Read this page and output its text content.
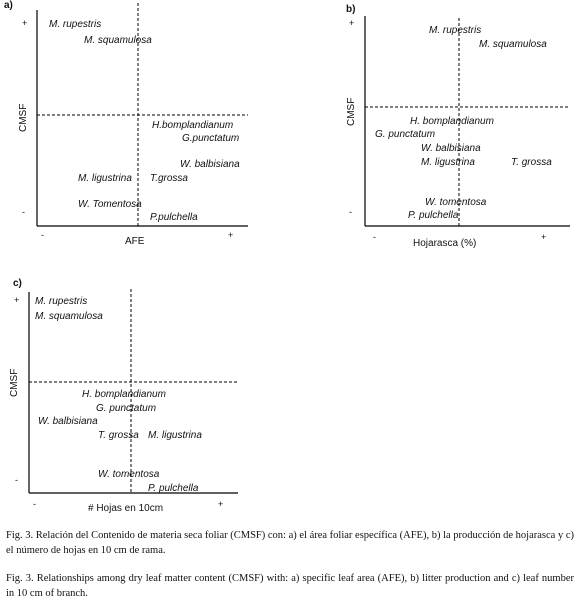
a)
+
-
-	+
CMSF
AFE
M. rupestris
M. squamulosa
H.bomplandianum
G.punctatum
W. balbisiana
M. ligustrina T.grossa
W. Tomentosa
P.pulchella
b)
+
-
-	+
CMSF
Hojarasca (%)
M. rupestris
M. squamulosa
H. bomplandianum
G. punctatum
W. balbisiana
M. ligustrina	T. grossa
W. tomentosa
P. pulchella
c)
+
-
-	+
CMSF
# Hojas en 10cm
M. rupestris
M. squamulosa
H. bomplandianum
G. punctatum
W. balbisiana
T. grossa M. ligustrina
W. tomentosa
P. pulchella
Fig. 3. Relación del Contenido de materia seca foliar (CMSF) con: a) el área foliar específica (AFE), b) la producción de hojarasca y c) el número de hojas en 10 cm de rama.
Fig. 3. Relationships among dry leaf matter content (CMSF) with: a) specific leaf area (AFE), b) litter production and c) leaf number in 10 cm of branch.
